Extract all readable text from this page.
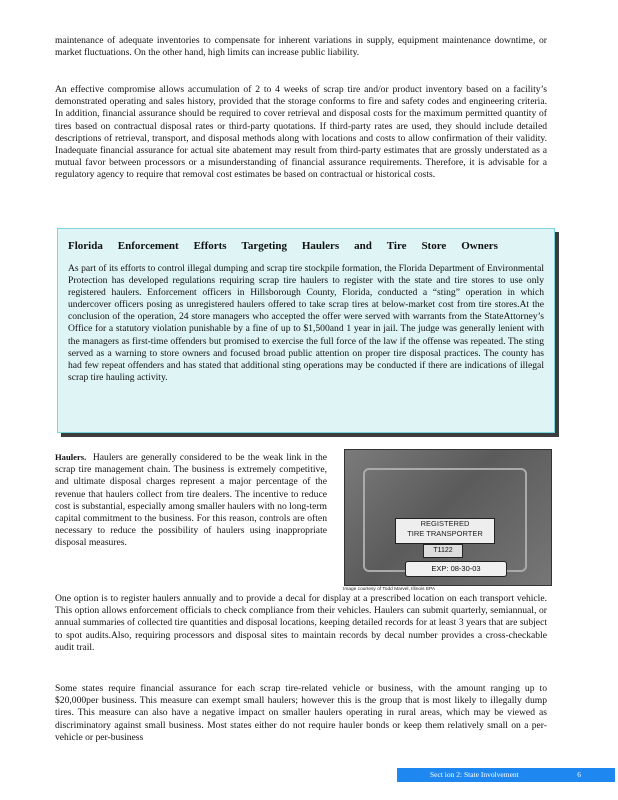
maintenance of adequate inventories to compensate for inherent variations in supply, equipment maintenance downtime, or market fluctuations. On the other hand, high limits can increase public liability.

An effective compromise allows accumulation of 2 to 4 weeks of scrap tire and/or product inventory based on a facility’s demonstrated operating and sales history, provided that the storage conforms to fire and safety codes and engineering criteria. In addition, financial assurance should be required to cover retrieval and disposal costs for the maximum permitted quantity of tires based on contractual disposal rates or third-party quotations. If third-party rates are used, they should include detailed descriptions of retrieval, transport, and disposal methods along with locations and costs to allow confirmation of their validity. Inadequate financial assurance for actual site abatement may result from third-party estimates that are grossly understated as a mutual favor between processors or a misunderstanding of financial assurance requirements. Therefore, it is advisable for a regulatory agency to require that removal cost estimates be based on contractual or historical costs.

Florida Enforcement Efforts Targeting Haulers and Tire Store Owners

As part of its efforts to control illegal dumping and scrap tire stockpile formation, the Florida Department of Environmental Protection has developed regulations requiring scrap tire haulers to register with the state and tire stores to use only registered haulers. Enforcement officers in Hillsborough County, Florida, conducted a “sting” operation in which undercover officers posing as unregistered haulers offered to take scrap tires at below-market cost from tire stores.At the conclusion of the operation, 24 store managers who accepted the offer were served with warrants from the StateAttorney’s Office for a statutory violation punishable by a fine of up to $1,500and 1 year in jail. The judge was generally lenient with the managers as first-time offenders but promised to exercise the full force of the law if the offense was repeated. The sting served as a warning to store owners and focused broad public attention on proper tire disposal practices. The county has had few repeat offenders and has stated that additional sting operations may be conducted if there are indications of illegal scrap tire hauling activity.

Haulers. Haulers are generally considered to be the weak link in the scrap tire management chain. The business is extremely competitive, and ultimate disposal charges represent a major percentage of the revenue that haulers collect from tire dealers. The incentive to reduce cost is substantial, especially among smaller haulers with no long-term capital commitment to the business. For this reason, controls are often necessary to reduce the possibility of haulers using inappropriate disposal measures.

REGISTERED
TIRE TRANSPORTER
T1122
EXP: 08-30-03
Image courtesy of Todd Marvel, Illinois EPA

One option is to register haulers annually and to provide a decal for display at a prescribed location on each transport vehicle. This option allows enforcement officials to check compliance from their vehicles. Haulers can submit quarterly, semiannual, or annual summaries of collected tire quantities and disposal locations, keeping detailed records for at least 3 years that are subject to spot audits.Also, requiring processors and disposal sites to maintain records by decal number provides a cross-checkable audit trail.

Some states require financial assurance for each scrap tire-related vehicle or business, with the amount ranging up to $20,000per business. This measure can exempt small haulers; however this is the group that is most likely to illegally dump tires. This measure can also have a negative impact on smaller haulers operating in rural areas, which may be viewed as discriminatory against small business. Most states either do not require hauler bonds or keep them relatively small on a per-vehicle or per-business

Sect ion 2: State Involvement	6
